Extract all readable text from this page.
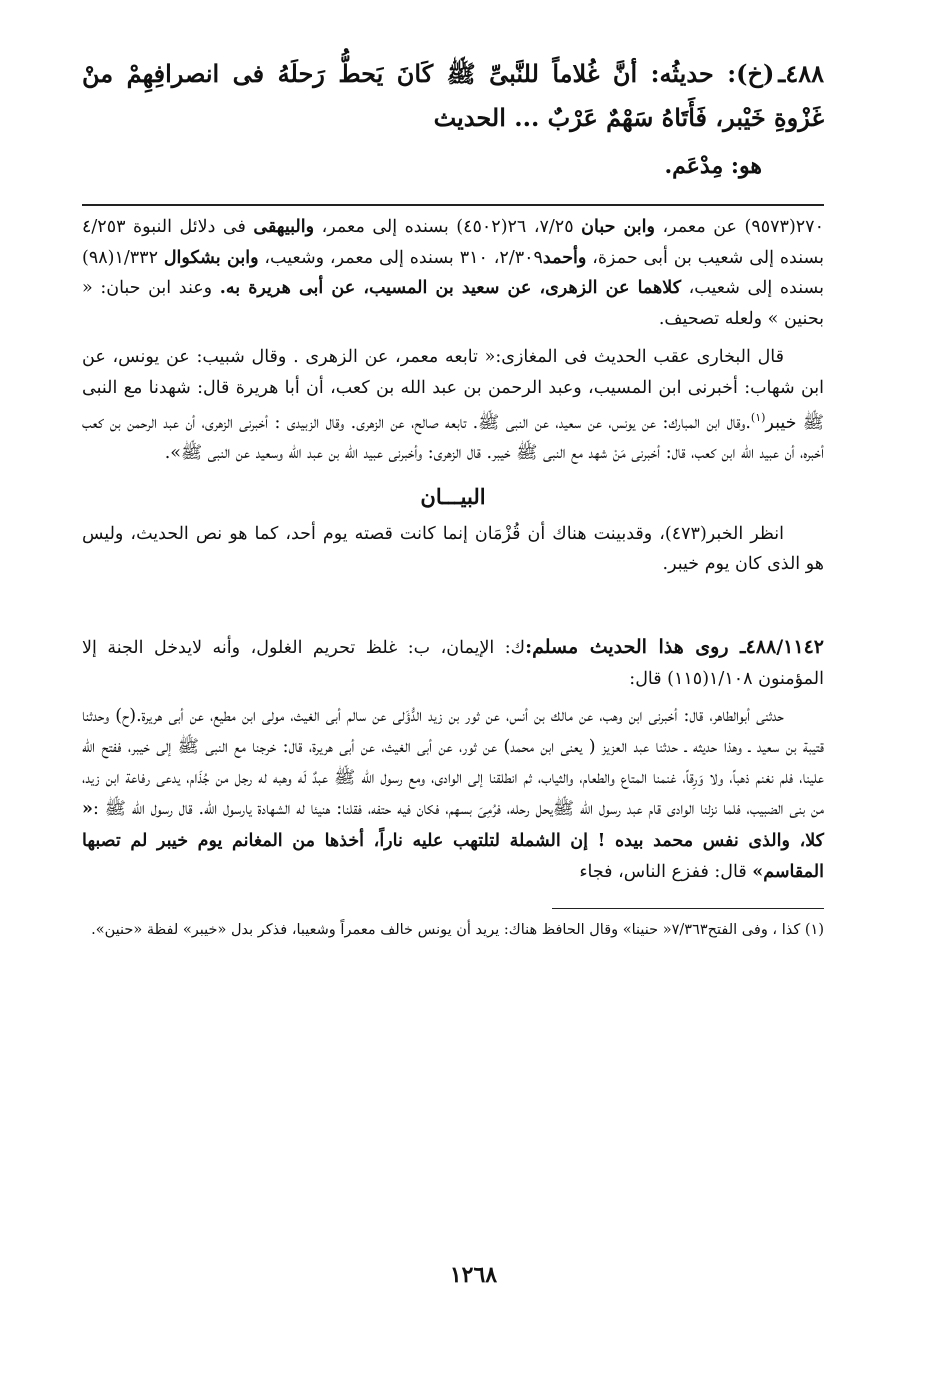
٤٨٨ـ(خ): حديثُه: أنَّ غُلاماً للنَّبىِّ ﷺ كَانَ يَحطُّ رَحلَهُ فى انصرافِهِمْ منْ غَزْوةِ خَيْبر، فَأَتَاهُ سَهْمٌ عَرْبٌ ... الحديث
هو: مِدْعَم.

٢٧٠(٩٥٧٣) عن معمر، وابن حبان ٧/٢٥، ٢٦(٤٥٠٢) بسنده إلى معمر، والبيهقى فى دلائل النبوة ٤/٢٥٣ بسنده إلى شعيب بن أبى حمزة، وأحمد٢/٣٠٩، ٣١٠ بسنده إلى معمر، وشعيب، وابن بشكوال ١/٣٣٢(٩٨) بسنده إلى شعيب، كلاهما عن الزهرى، عن سعيد بن المسيب، عن أبى هريرة به. وعند ابن حبان: « بحنين » ولعله تصحيف.

قال البخارى عقب الحديث فى المغازى:« تابعه معمر، عن الزهرى . وقال شبيب: عن يونس، عن ابن شهاب: أخبرنى ابن المسيب، وعبد الرحمن بن عبد الله بن كعب، أن أبا هريرة قال: شهدنا مع النبى ﷺ خيبر$^{(١)}$.وقال ابن المبارك: عن يونس، عن سعيد، عن النبى ﷺ. تابعه صالح، عن الزهرى. وقال الزبيدى : أخبرنى الزهرى، أن عبد الرحمن بن كعب أخبره، أن عبيد الله ابن كعب، قال: أخبرنى مَنْ شهد مع النبى ﷺ خيبر. قال الزهرى: وأخبرنى عبيد الله بن عبد الله وسعيد عن النبى ﷺ».

البيـــان

انظر الخبر(٤٧٣)، وقدبينت هناك أن قُزْمَان إنما كانت قصته يوم أحد، كما هو نص الحديث، وليس هو الذى كان يوم خيبر.

٤٨٨/١١٤٢ـ روى هذا الحديث مسلم:ك: الإيمان، ب: غلظ تحريم الغلول، وأنه لايدخل الجنة إلا المؤمنون ١/١٠٨(١١٥) قال:

حدثنى أبوالطاهر، قال: أخبرنى ابن وهب، عن مالك بن أنس، عن ثور بن زيد الدُّؤَلى عن سالم أبى الغيث، مولى ابن مطيع، عن أبى هريرة.(ح) وحدثنا قتيبة بن سعيد ـ وهذا حديثه ـ حدثنا عبد العزيز ( يعنى ابن محمد) عن ثور، عن أبى الغيث، عن أبى هريرة، قال: خرجنا مع النبى ﷺ إلى خيبر، ففتح الله علينا، فلم نغنم ذهباً، ولا وَرِقاً، غنمنا المتاع والطعام، والثياب، ثم انطلقنا إلى الوادى، ومع رسول الله ﷺ عبدٌ لَه وهبه له رجل من جُذَام، يدعى رفاعة ابن زيد، من بنى الضبيب، فلما نزلنا الوادى قام عبد رسول الله ﷺيحل رحله، فرُمِىَ بسهم، فكان فيه حتفه، فقلنا: هنيئا له الشهادة يارسول الله. قال رسول الله ﷺ :« كلا، والذى نفس محمد بيده ! إن الشملة لتلتهب عليه ناراً، أخذها من المغانم يوم خيبر لم تصبها المقاسم» قال: ففزع الناس، فجاء

(١) كذا ، وفى الفتح٧/٣٦٣« حنينا» وقال الحافظ هناك: يريد أن يونس خالف معمراً وشعيبا، فذكر بدل «خيبر» لفظة «حنين».

١٢٦٨
